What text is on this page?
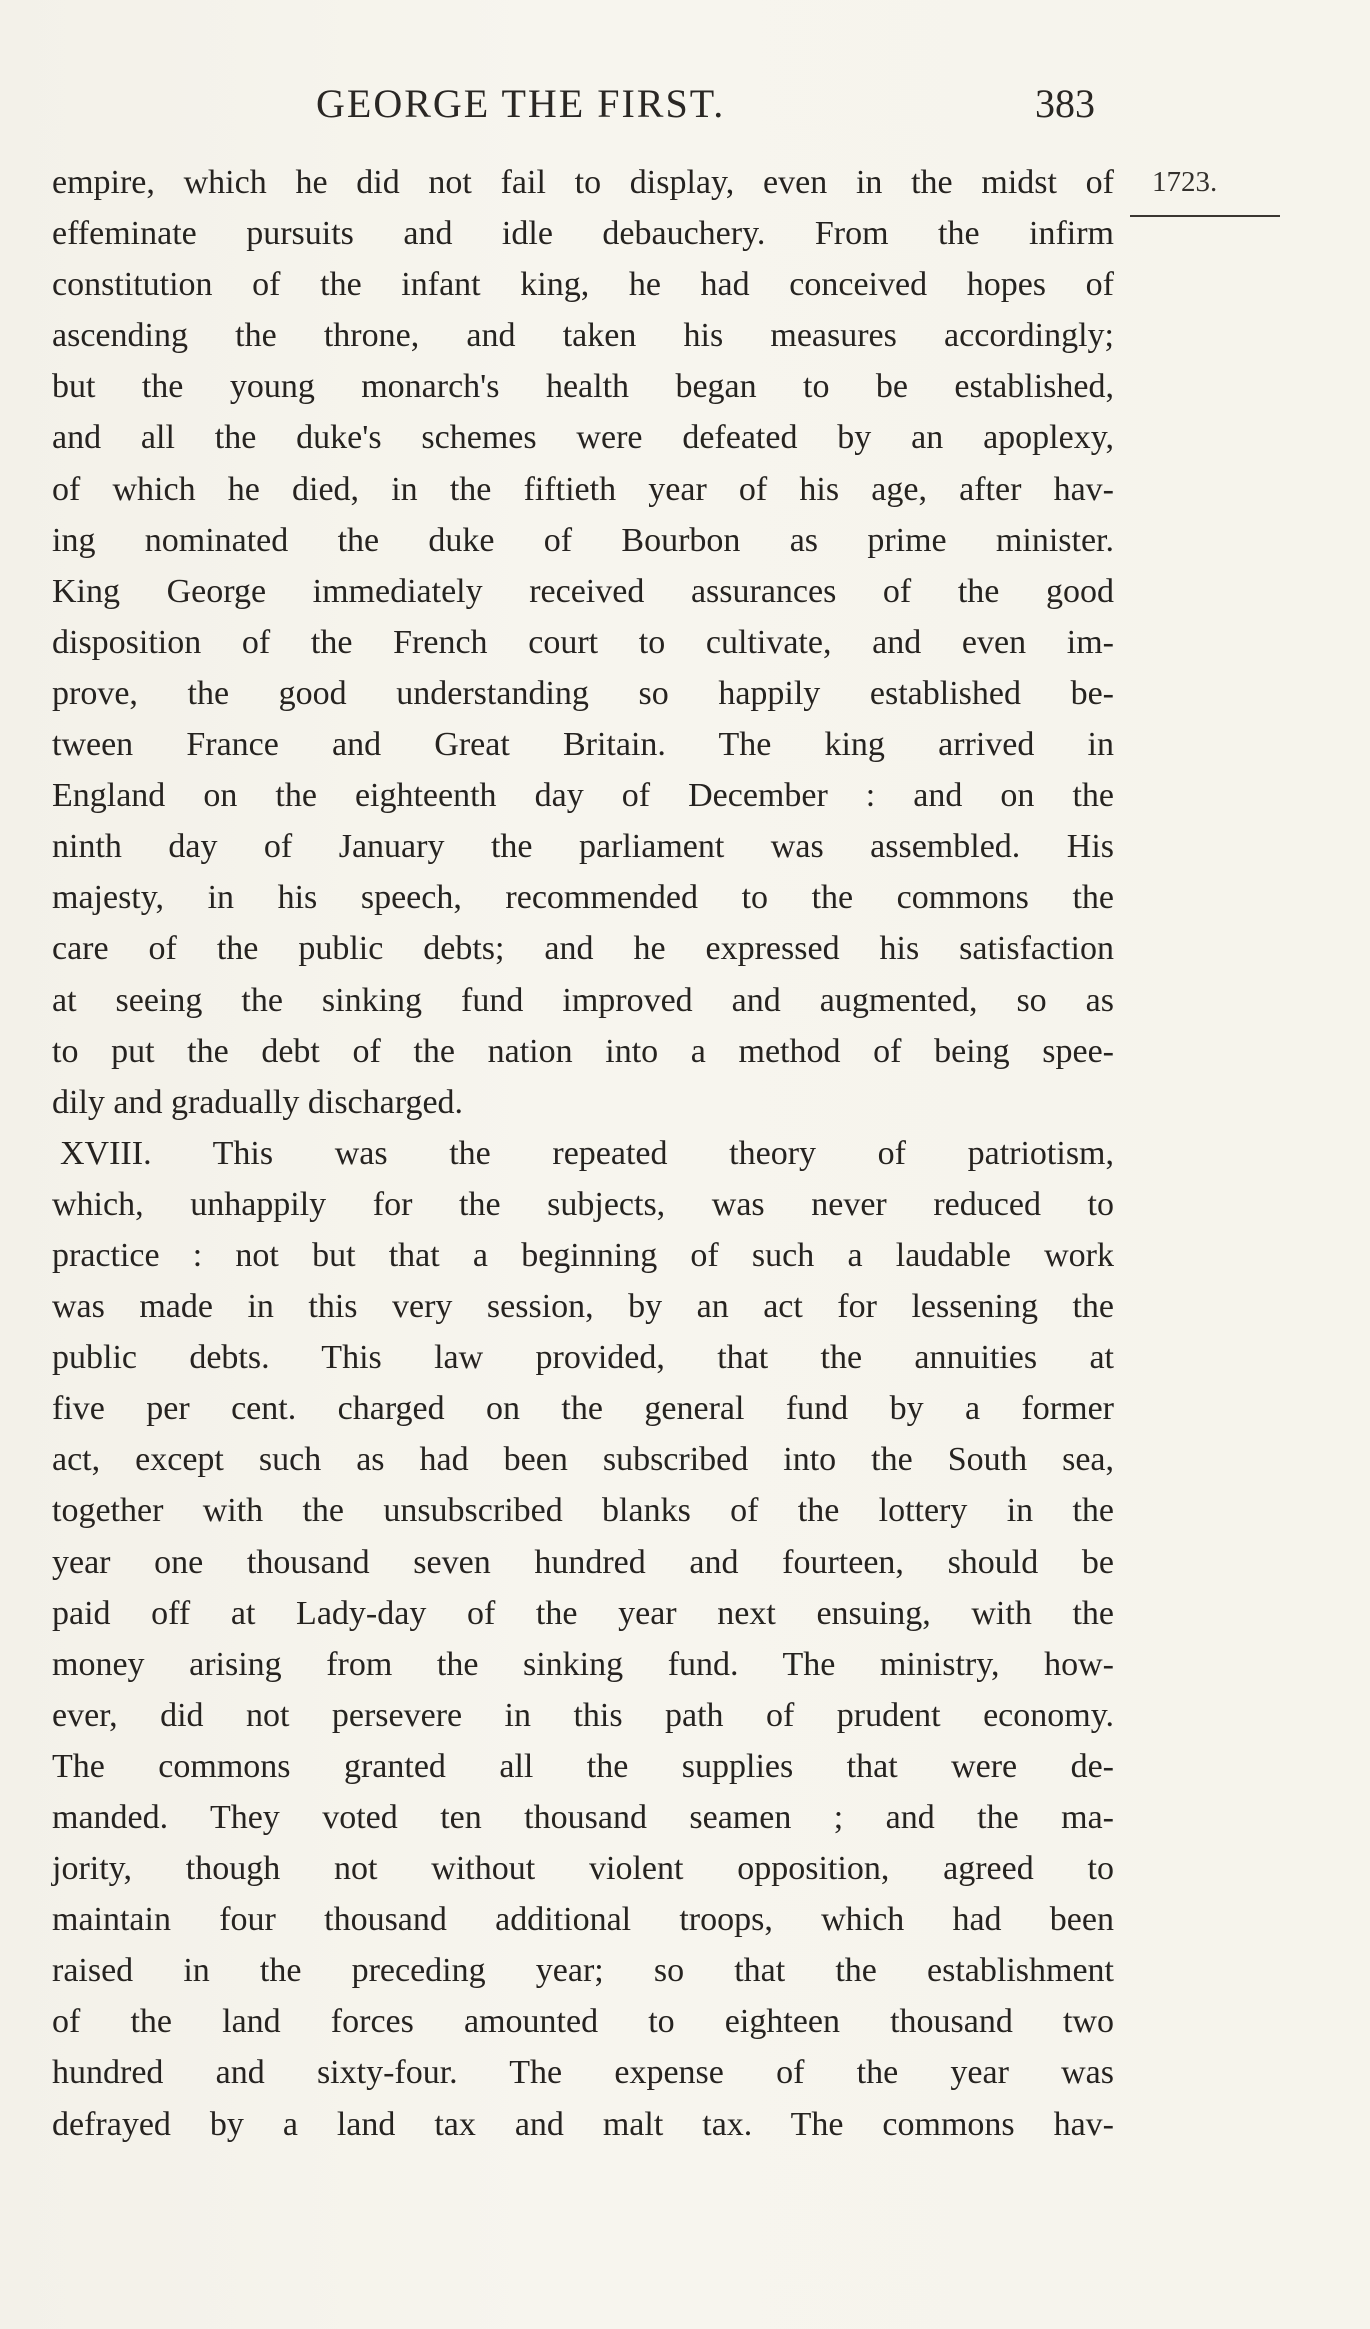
GEORGE THE FIRST.	383
1723.
empire, which he did not fail to display, even in the midst of
effeminate pursuits and idle debauchery. From the infirm
constitution of the infant king, he had conceived hopes of
ascending the throne, and taken his measures accordingly;
but the young monarch's health began to be established,
and all the duke's schemes were defeated by an apoplexy,
of which he died, in the fiftieth year of his age, after hav-
ing nominated the duke of Bourbon as prime minister.
King George immediately received assurances of the good
disposition of the French court to cultivate, and even im-
prove, the good understanding so happily established be-
tween France and Great Britain. The king arrived in
England on the eighteenth day of December : and on the
ninth day of January the parliament was assembled. His
majesty, in his speech, recommended to the commons the
care of the public debts; and he expressed his satisfaction
at seeing the sinking fund improved and augmented, so as
to put the debt of the nation into a method of being spee-
dily and gradually discharged.
XVIII. This was the repeated theory of patriotism,
which, unhappily for the subjects, was never reduced to
practice : not but that a beginning of such a laudable work
was made in this very session, by an act for lessening the
public debts. This law provided, that the annuities at
five per cent. charged on the general fund by a former
act, except such as had been subscribed into the South sea,
together with the unsubscribed blanks of the lottery in the
year one thousand seven hundred and fourteen, should be
paid off at Lady-day of the year next ensuing, with the
money arising from the sinking fund. The ministry, how-
ever, did not persevere in this path of prudent economy.
The commons granted all the supplies that were de-
manded. They voted ten thousand seamen ; and the ma-
jority, though not without violent opposition, agreed to
maintain four thousand additional troops, which had been
raised in the preceding year; so that the establishment
of the land forces amounted to eighteen thousand two
hundred and sixty-four. The expense of the year was
defrayed by a land tax and malt tax. The commons hav-
